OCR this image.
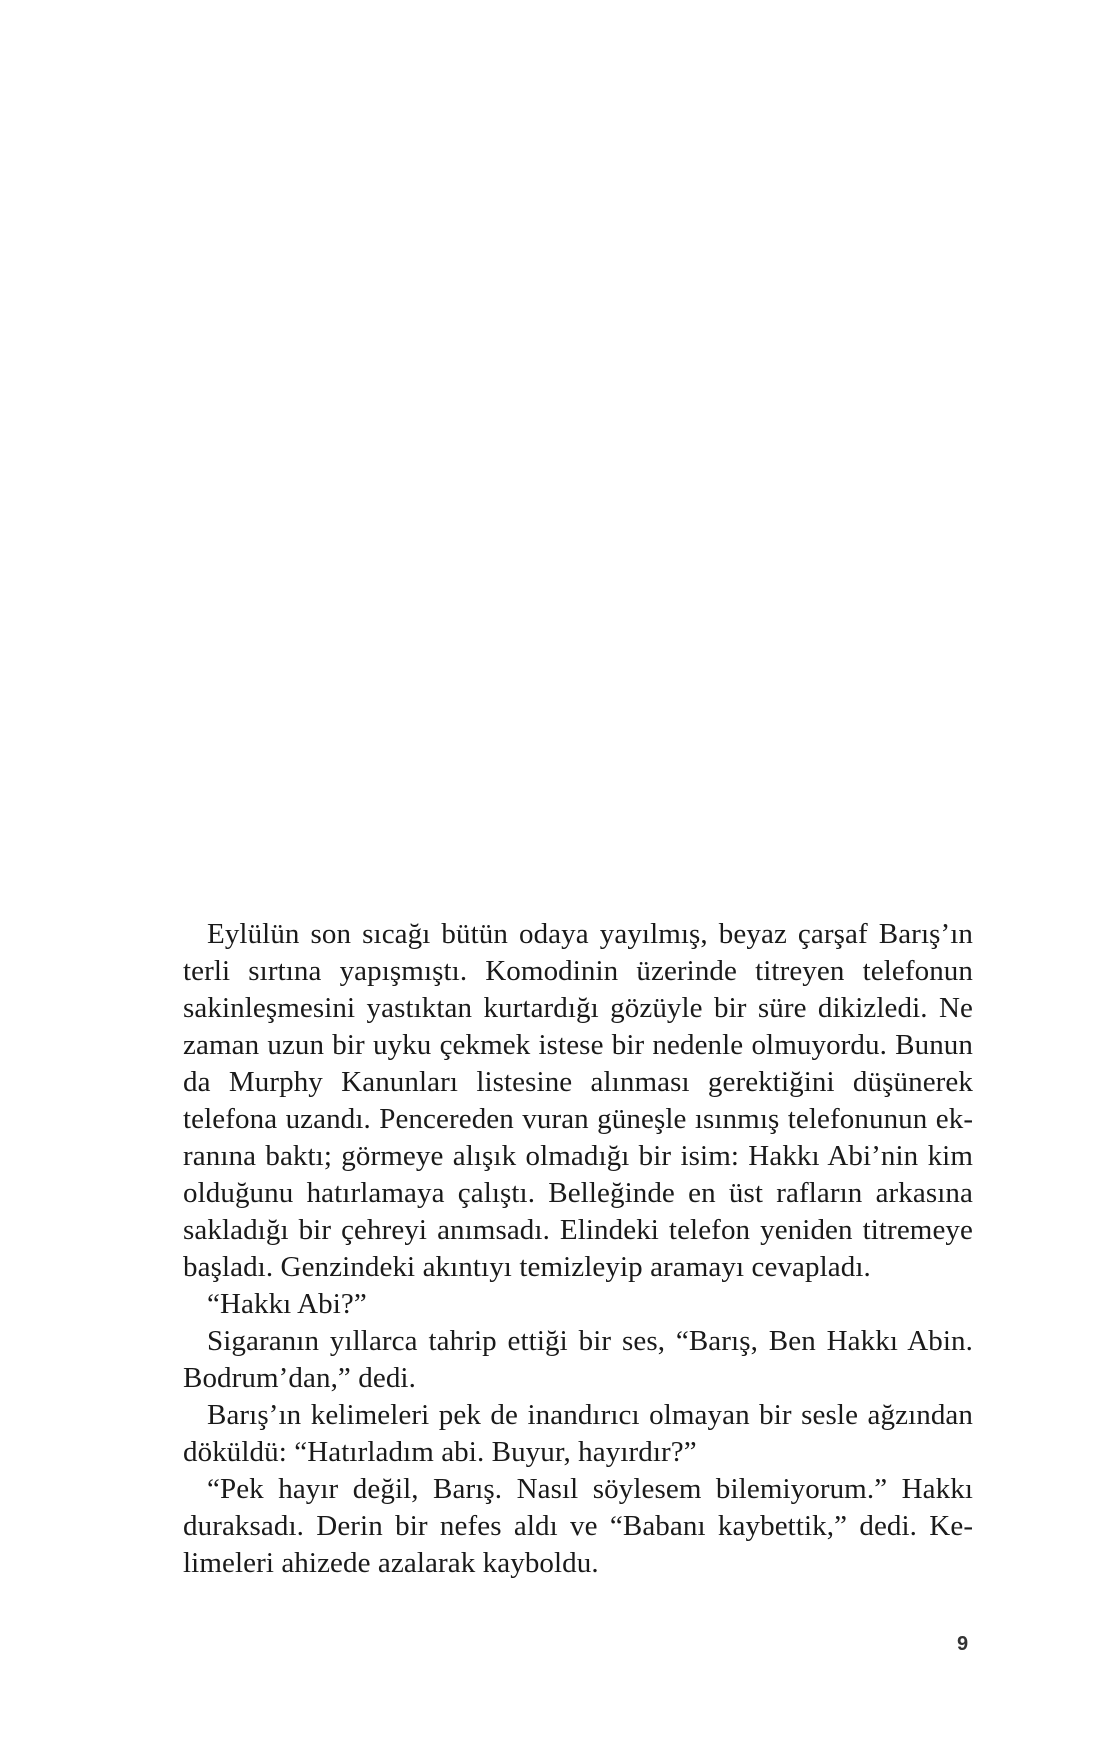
Eylülün son sıcağı bütün odaya yayılmış, beyaz çarşaf Barış’ın terli sırtına yapışmıştı. Komodinin üzerinde titreyen telefonun sakinleşmesini yastıktan kurtardığı gözüyle bir süre dikizledi. Ne zaman uzun bir uyku çekmek istese bir nedenle olmuyordu. Bunun da Murphy Kanunları listesine alınması gerektiğini düşünerek telefona uzandı. Pencereden vuran güneşle ısınmış telefonunun ekranına baktı; görmeye alışık olmadığı bir isim: Hakkı Abi’nin kim olduğunu hatırlamaya çalıştı. Belleğinde en üst rafların arkasına sakladığı bir çehreyi anımsadı. Elindeki telefon yeniden titremeye başladı. Genzindeki akıntıyı temizleyip aramayı cevapladı.

“Hakkı Abi?”

Sigaranın yıllarca tahrip ettiği bir ses, “Barış, Ben Hakkı Abin. Bodrum’dan,” dedi.

Barış’ın kelimeleri pek de inandırıcı olmayan bir sesle ağzından döküldü: “Hatırladım abi. Buyur, hayırdır?”

“Pek hayır değil, Barış. Nasıl söylesem bilemiyorum.” Hakkı duraksadı. Derin bir nefes aldı ve “Babanı kaybettik,” dedi. Kelimeleri ahizede azalarak kayboldu.

9
